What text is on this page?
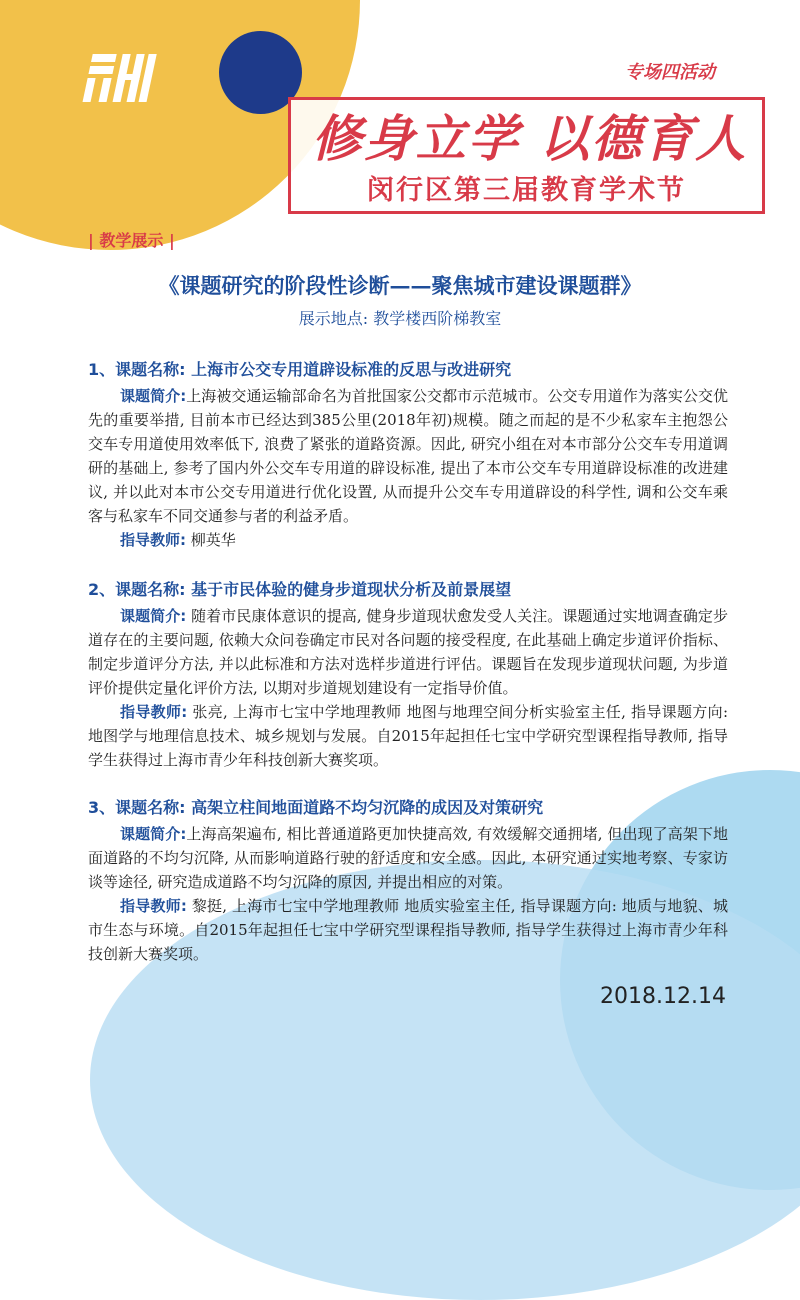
专场四活动
修身立学 以德育人
闵行区第三届教育学术节
| 教学展示 |
《课题研究的阶段性诊断——聚焦城市建设课题群》
展示地点: 教学楼西阶梯教室
1、课题名称: 上海市公交专用道辟设标准的反思与改进研究

课题简介:上海被交通运输部命名为首批国家公交都市示范城市。公交专用道作为落实公交优先的重要举措, 目前本市已经达到385公里(2018年初)规模。随之而起的是不少私家车主抱怨公交车专用道使用效率低下, 浪费了紧张的道路资源。因此, 研究小组在对本市部分公交车专用道调研的基础上, 参考了国内外公交车专用道的辟设标准, 提出了本市公交车专用道辟设标准的改进建议, 并以此对本市公交专用道进行优化设置, 从而提升公交车专用道辟设的科学性, 调和公交车乘客与私家车不同交通参与者的利益矛盾。

指导教师: 柳英华

2、课题名称: 基于市民体验的健身步道现状分析及前景展望

课题简介: 随着市民康体意识的提高, 健身步道现状愈发受人关注。课题通过实地调查确定步道存在的主要问题, 依赖大众问卷确定市民对各问题的接受程度, 在此基础上确定步道评价指标、制定步道评分方法, 并以此标准和方法对选样步道进行评估。课题旨在发现步道现状问题, 为步道评价提供定量化评价方法, 以期对步道规划建设有一定指导价值。

指导教师: 张亮, 上海市七宝中学地理教师 地图与地理空间分析实验室主任, 指导课题方向: 地图学与地理信息技术、城乡规划与发展。自2015年起担任七宝中学研究型课程指导教师, 指导学生获得过上海市青少年科技创新大赛奖项。

3、课题名称: 高架立柱间地面道路不均匀沉降的成因及对策研究

课题简介:上海高架遍布, 相比普通道路更加快捷高效, 有效缓解交通拥堵, 但出现了高架下地面道路的不均匀沉降, 从而影响道路行驶的舒适度和安全感。因此, 本研究通过实地考察、专家访谈等途径, 研究造成道路不均匀沉降的原因, 并提出相应的对策。

指导教师: 黎挺, 上海市七宝中学地理教师 地质实验室主任, 指导课题方向: 地质与地貌、城市生态与环境。自2015年起担任七宝中学研究型课程指导教师, 指导学生获得过上海市青少年科技创新大赛奖项。

2018.12.14
